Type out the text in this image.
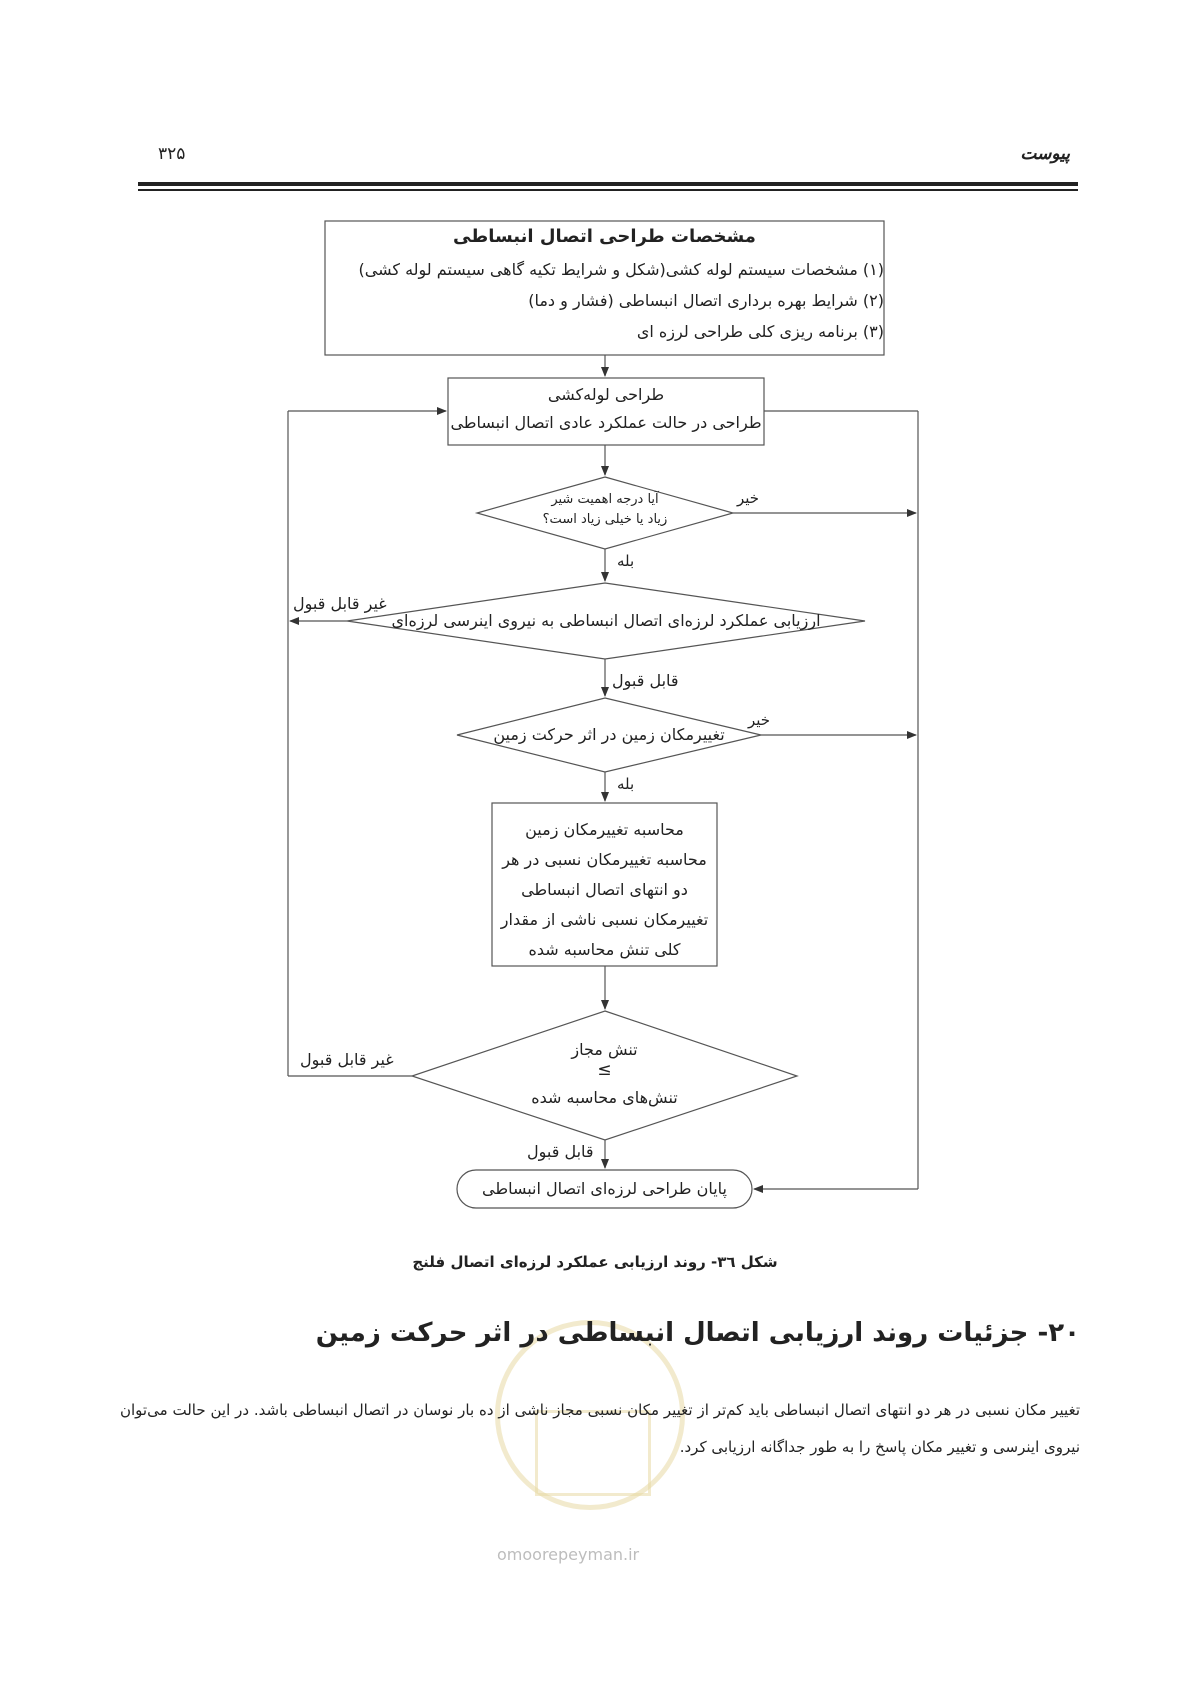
۳۲۵	پیوست
مشخصات طراحی اتصال انبساطی
(۱) مشخصات سیستم لوله کشی(شکل و شرایط تکیه گاهی سیستم لوله کشی)
(۲) شرایط بهره برداری اتصال انبساطی (فشار و دما)
(۳) برنامه ریزی کلی طراحی لرزه ای
طراحی لوله‌کشی
طراحی در حالت عملکرد عادی اتصال انبساطی
آیا درجه اهمیت شیر
زیاد یا خیلی زیاد است؟
خیر
بله
ارزیابی عملکرد لرزه‌ای اتصال انبساطی به نیروی اینرسی لرزه‌ای
غیر قابل قبول
قابل قبول
تغییرمکان زمین در اثر حرکت زمین
خیر
بله
محاسبه تغییرمکان زمین
محاسبه تغییرمکان نسبی در هر
دو انتهای اتصال انبساطی
تغییرمکان نسبی ناشی از مقدار
کلی تنش محاسبه شده
تنش مجاز
≥
تنش‌های محاسبه شده
غیر قابل قبول
قابل قبول
پایان طراحی لرزه‌ای اتصال انبساطی
omoorepeyman.ir
شکل ۳٦- روند ارزیابی عملکرد لرزه‌ای اتصال فلنج
۲۰- جزئیات روند ارزیابی اتصال انبساطی در اثر حرکت زمین
تغییر مکان نسبی در هر دو انتهای اتصال انبساطی باید کم‌تر از تغییر مکان نسبی مجاز ناشی از ده بار نوسان در اتصال انبساطی باشد. در این حالت می‌توان نیروی اینرسی و تغییر مکان پاسخ را به طور جداگانه ارزیابی کرد.
